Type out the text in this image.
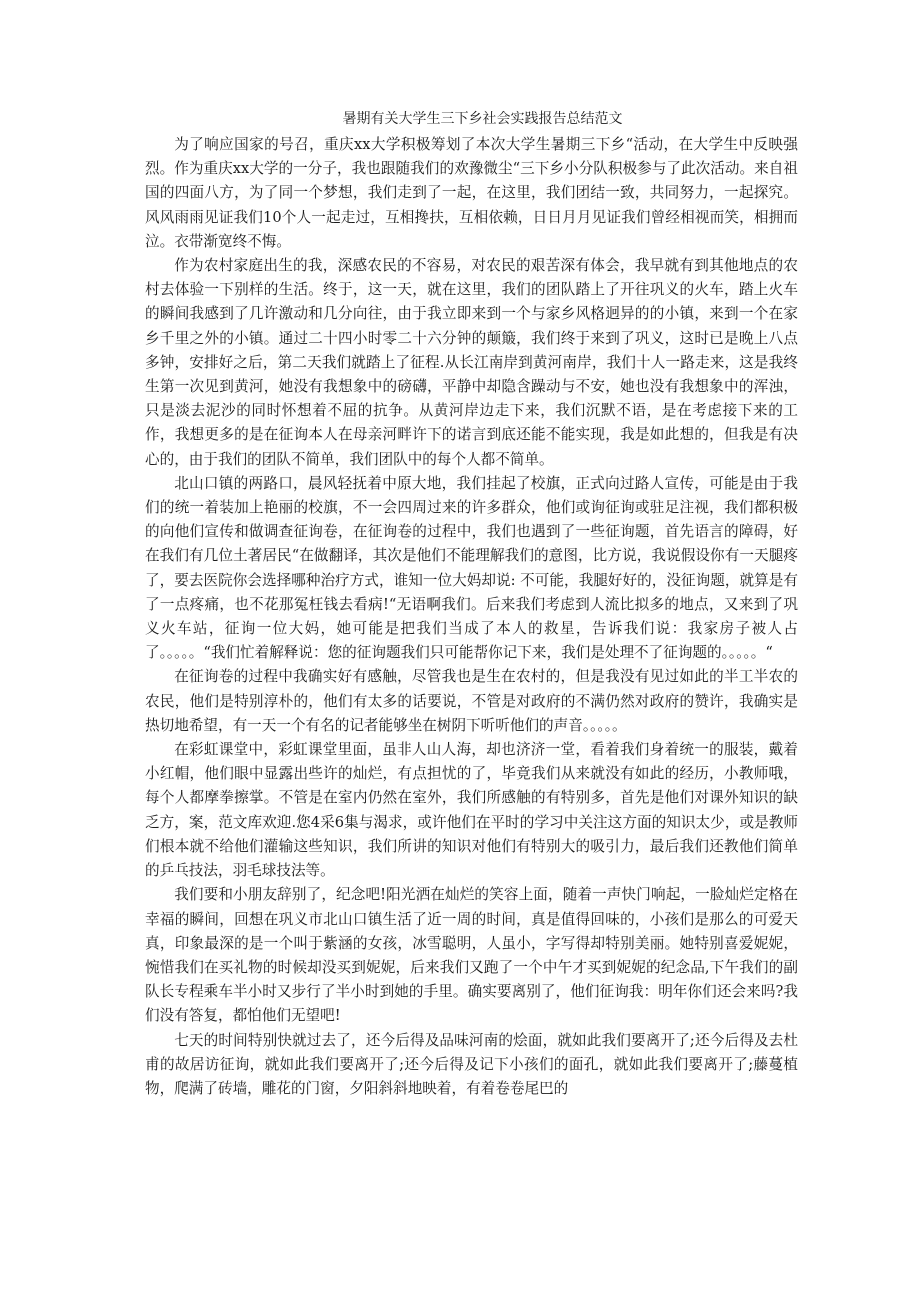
暑期有关大学生三下乡社会实践报告总结范文

为了响应国家的号召，重庆xx大学积极筹划了本次大学生暑期三下乡“活动，在大学生中反映强烈。作为重庆xx大学的一分子，我也跟随我们的欢豫微尘“三下乡小分队积极参与了此次活动。来自祖国的四面八方，为了同一个梦想，我们走到了一起，在这里，我们团结一致，共同努力，一起探究。风风雨雨见证我们10个人一起走过，互相搀扶，互相依赖，日日月月见证我们曾经相视而笑，相拥而泣。衣带渐宽终不悔。

作为农村家庭出生的我，深感农民的不容易，对农民的艰苦深有体会，我早就有到其他地点的农村去体验一下别样的生活。终于，这一天，就在这里，我们的团队踏上了开往巩义的火车，踏上火车的瞬间我感到了几许激动和几分向往，由于我立即来到一个与家乡风格迥异的的小镇，来到一个在家乡千里之外的小镇。通过二十四小时零二十六分钟的颠簸，我们终于来到了巩义，这时已是晚上八点多钟，安排好之后，第二天我们就踏上了征程.从长江南岸到黄河南岸，我们十人一路走来，这是我终生第一次见到黄河，她没有我想象中的磅礴，平静中却隐含躁动与不安，她也没有我想象中的浑浊，只是淡去泥沙的同时怀想着不屈的抗争。从黄河岸边走下来，我们沉默不语，是在考虑接下来的工作，我想更多的是在征询本人在母亲河畔许下的诺言到底还能不能实现，我是如此想的，但我是有决心的，由于我们的团队不简单，我们团队中的每个人都不简单。

北山口镇的两路口，晨风轻抚着中原大地，我们挂起了校旗，正式向过路人宣传，可能是由于我们的统一着装加上艳丽的校旗，不一会四周过来的许多群众，他们或询征询或驻足注视，我们都积极的向他们宣传和做调查征询卷，在征询卷的过程中，我们也遇到了一些征询题，首先语言的障碍，好在我们有几位土著居民“在做翻译，其次是他们不能理解我们的意图，比方说，我说假设你有一天腿疼了，要去医院你会选择哪种治疗方式，谁知一位大妈却说: 不可能，我腿好好的，没征询题，就算是有了一点疼痛，也不花那冤枉钱去看病!“无语啊我们。后来我们考虑到人流比拟多的地点，又来到了巩义火车站，征询一位大妈，她可能是把我们当成了本人的救星，告诉我们说：我家房子被人占了。。。。。“我们忙着解释说：您的征询题我们只可能帮你记下来，我们是处理不了征询题的。。。。。“

在征询卷的过程中我确实好有感触，尽管我也是生在农村的，但是我没有见过如此的半工半农的农民，他们是特别淳朴的，他们有太多的话要说，不管是对政府的不满仍然对政府的赞许，我确实是热切地希望，有一天一个有名的记者能够坐在树阴下听听他们的声音。。。。。

在彩虹课堂中，彩虹课堂里面，虽非人山人海，却也济济一堂，看着我们身着统一的服装，戴着小红帽，他们眼中显露出些许的灿烂，有点担忧的了，毕竟我们从来就没有如此的经历，小教师哦，每个人都摩拳擦掌。不管是在室内仍然在室外，我们所感触的有特别多，首先是他们对课外知识的缺乏方，案，范文库欢迎.您4采6集与渴求，或许他们在平时的学习中关注这方面的知识太少，或是教师们根本就不给他们灌输这些知识，我们所讲的知识对他们有特别大的吸引力，最后我们还教他们简单的乒乓技法，羽毛球技法等。

我们要和小朋友辞别了，纪念吧!阳光洒在灿烂的笑容上面，随着一声快门响起，一脸灿烂定格在幸福的瞬间，回想在巩义市北山口镇生活了近一周的时间，真是值得回味的，小孩们是那么的可爱天真，印象最深的是一个叫于紫涵的女孩，冰雪聪明，人虽小，字写得却特别美丽。她特别喜爱妮妮，惋惜我们在买礼物的时候却没买到妮妮，后来我们又跑了一个中午才买到妮妮的纪念品,下午我们的副队长专程乘车半小时又步行了半小时到她的手里。确实要离别了，他们征询我：明年你们还会来吗?我们没有答复，都怕他们无望吧!

七天的时间特别快就过去了，还今后得及品味河南的烩面，就如此我们要离开了;还今后得及去杜甫的故居访征询，就如此我们要离开了;还今后得及记下小孩们的面孔，就如此我们要离开了;藤蔓植物，爬满了砖墙，雕花的门窗，夕阳斜斜地映着，有着卷卷尾巴的
